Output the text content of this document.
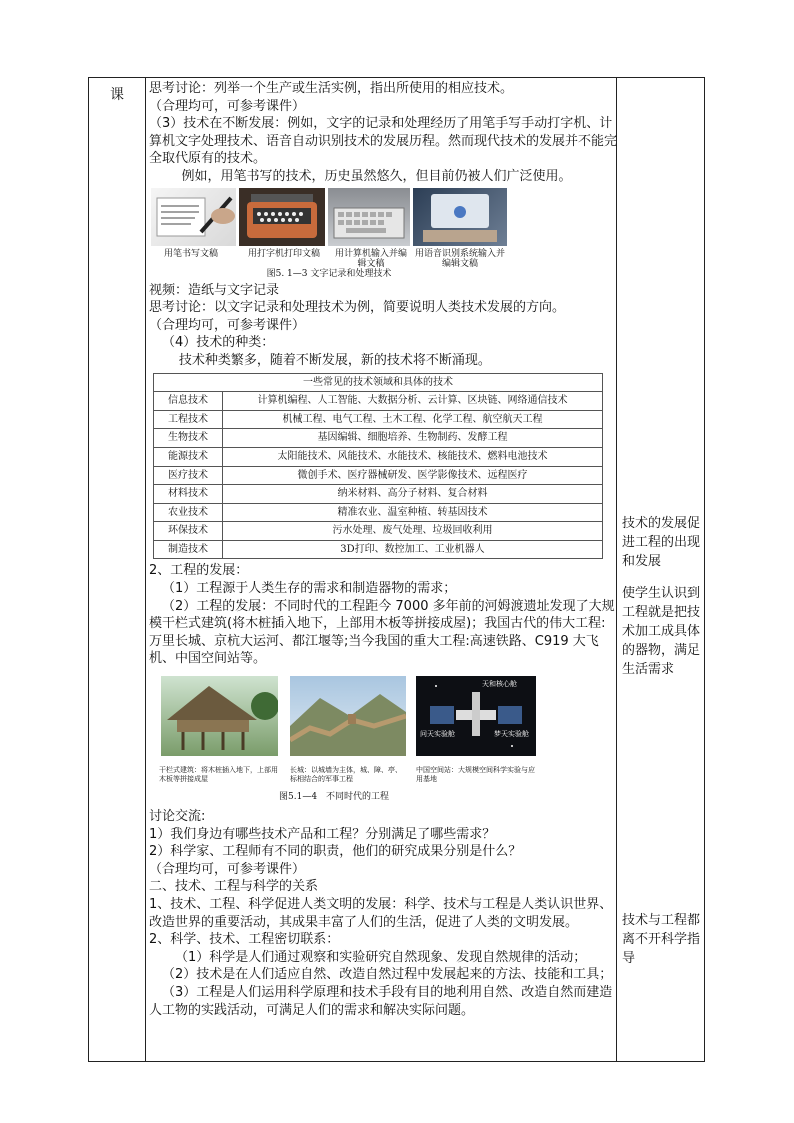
课	思考讨论：列举一个生产或生活实例，指出所使用的相应技术。

（合理均可，可参考课件）

（3）技术在不断发展：例如，文字的记录和处理经历了用笔手写手动打字机、计算机文字处理技术、语音自动识别技术的发展历程。然而现代技术的发展并不能完全取代原有的技术。

例如，用笔书写的技术，历史虽然悠久，但目前仍被人们广泛使用。

用笔书写文稿	用打字机打印文稿	用计算机输入并编辑文稿
用语音识别系统输入并编辑文稿
图5. 1—3 文字记录和处理技术

视频：造纸与文字记录

思考讨论：以文字记录和处理技术为例，简要说明人类技术发展的方向。

（合理均可，可参考课件）

（4）技术的种类：

技术种类繁多，随着不断发展，新的技术将不断涌现。

一些常见的技术领域和具体的技术	
信息技术	计算机编程、人工智能、大数据分析、云计算、区块链、网络通信技术
工程技术	机械工程、电气工程、土木工程、化学工程、航空航天工程
生物技术	基因编辑、细胞培养、生物制药、发酵工程
能源技术	太阳能技术、风能技术、水能技术、核能技术、燃料电池技术
医疗技术	微创手术、医疗器械研发、医学影像技术、远程医疗
材料技术	纳米材料、高分子材料、复合材料
农业技术	精准农业、温室种植、转基因技术
环保技术	污水处理、废气处理、垃圾回收利用
制造技术	3D打印、数控加工、工业机器人

2、工程的发展：

（1）工程源于人类生存的需求和制造器物的需求；

（2）工程的发展：不同时代的工程距今 7000 多年前的河姆渡遗址发现了大规模干栏式建筑(将木桩插入地下，上部用木板等拼接成屋)；我国古代的伟大工程:万里长城、京杭大运河、都江堰等;当今我国的重大工程:高速铁路、C919 大飞机、中国空间站等。

天和核心舱
问天实验舱	梦天实验舱
干栏式建筑：将木桩插入地下，上部用木板等拼接成屋
长城：以城墙为主体，城、障、亭、标相结合的军事工程
中国空间站：大规模空间科学实验与应用基地
图5.1—4　不同时代的工程

讨论交流:

1）我们身边有哪些技术产品和工程？分别满足了哪些需求？

2）科学家、工程师有不同的职责，他们的研究成果分别是什么？

（合理均可，可参考课件）

二、技术、工程与科学的关系

1、技术、工程、科学促进人类文明的发展：科学、技术与工程是人类认识世界、改造世界的重要活动，其成果丰富了人们的生活，促进了人类的文明发展。

2、科学、技术、工程密切联系：

（1）科学是人们通过观察和实验研究自然现象、发现自然规律的活动；

（2）技术是在人们适应自然、改造自然过程中发展起来的方法、技能和工具；

（3）工程是人们运用科学原理和技术手段有目的地利用自然、改造自然而建造人工物的实践活动，可满足人们的需求和解决实际问题。

技术的发展促进工程的出现和发展
使学生认识到工程就是把技术加工成具体的器物，满足生活需求
技术与工程都离不开科学指导
